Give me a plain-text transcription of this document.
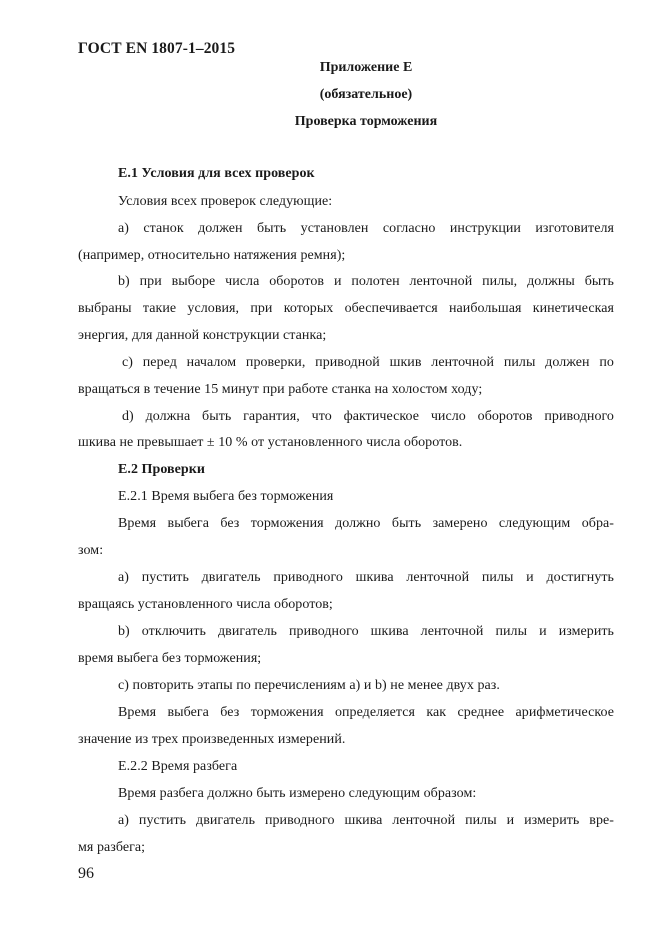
ГОСТ EN 1807-1–2015
Приложение Е
(обязательное)
Проверка торможения
Е.1 Условия для всех проверок
Условия всех проверок следующие:
а) станок должен быть установлен согласно инструкции изготовителя
(например, относительно натяжения ремня);
b) при выборе числа оборотов и полотен ленточной пилы, должны быть
выбраны такие условия, при которых обеспечивается наибольшая кинетическая
энергия, для данной конструкции станка;
с) перед началом проверки, приводной шкив ленточной пилы должен по
вращаться в течение 15 минут при работе станка на холостом ходу;
d) должна быть гарантия, что фактическое число оборотов приводного
шкива не превышает ± 10 % от установленного числа оборотов.
Е.2 Проверки
Е.2.1 Время выбега без торможения
Время выбега без торможения должно быть замерено следующим обра-
зом:
а) пустить двигатель приводного шкива ленточной пилы и достигнуть
вращаясь установленного числа оборотов;
b) отключить двигатель приводного шкива ленточной пилы и измерить
время выбега без торможения;
с) повторить этапы по перечислениям а) и b) не менее двух раз.
Время выбега без торможения определяется как среднее арифметическое
значение из трех произведенных измерений.
Е.2.2 Время разбега
Время разбега должно быть измерено следующим образом:
а) пустить двигатель приводного шкива ленточной пилы и измерить вре-
мя разбега;
96
